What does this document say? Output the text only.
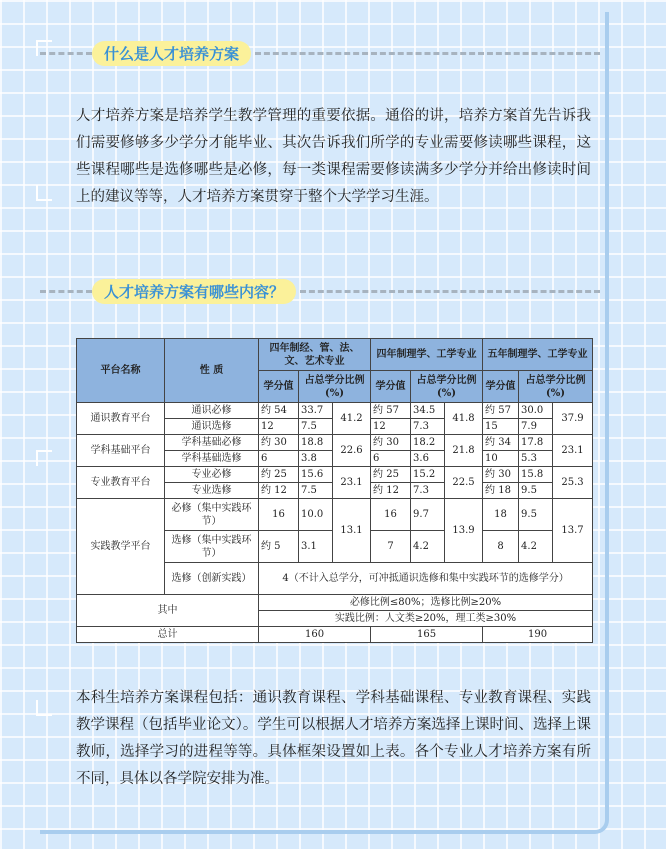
什么是人才培养方案
人才培养方案是培养学生教学管理的重要依据。通俗的讲，培养方案首先告诉我们需要修够多少学分才能毕业、其次告诉我们所学的专业需要修读哪些课程，这些课程哪些是选修哪些是必修，每一类课程需要修读满多少学分并给出修读时间上的建议等等，人才培养方案贯穿于整个大学学习生涯。
人才培养方案有哪些内容？
平台名称	性 质	四年制经、管、法、文、艺术专业			四年制理学、工学专业			五年制理学、工学专业		
		学分值	占总学分比例 (%)		学分值	占总学分比例 (%)		学分值	占总学分比例 (%)	
通识教育平台	通识必修	约 54	33.7	41.2	约 57	34.5	41.8	约 57	30.0	37.9
	通识选修	12	7.5		12	7.3		15	7.9	
学科基础平台	学科基础必修	约 30	18.8	22.6	约 30	18.2	21.8	约 34	17.8	23.1
	学科基础选修	6	3.8		6	3.6		10	5.3	
专业教育平台	专业必修	约 25	15.6	23.1	约 25	15.2	22.5	约 30	15.8	25.3
	专业选修	约 12	7.5		约 12	7.3		约 18	9.5	
实践教学平台	必修（集中实践环节）	16	10.0	13.1	16	9.7	13.9	18	9.5	13.7
	选修（集中实践环节）	约 5	3.1		7	4.2		8	4.2	
	选修（创新实践）	4（不计入总学分，可冲抵通识选修和集中实践环节的选修学分）								
其中		必修比例≤80%；选修比例≥20%								
		实践比例：人文类≥20%，理工类≥30%								
总计		160			165			190		
本科生培养方案课程包括：通识教育课程、学科基础课程、专业教育课程、实践教学课程（包括毕业论文）。学生可以根据人才培养方案选择上课时间、选择上课教师，选择学习的进程等等。具体框架设置如上表。各个专业人才培养方案有所不同，具体以各学院安排为准。
